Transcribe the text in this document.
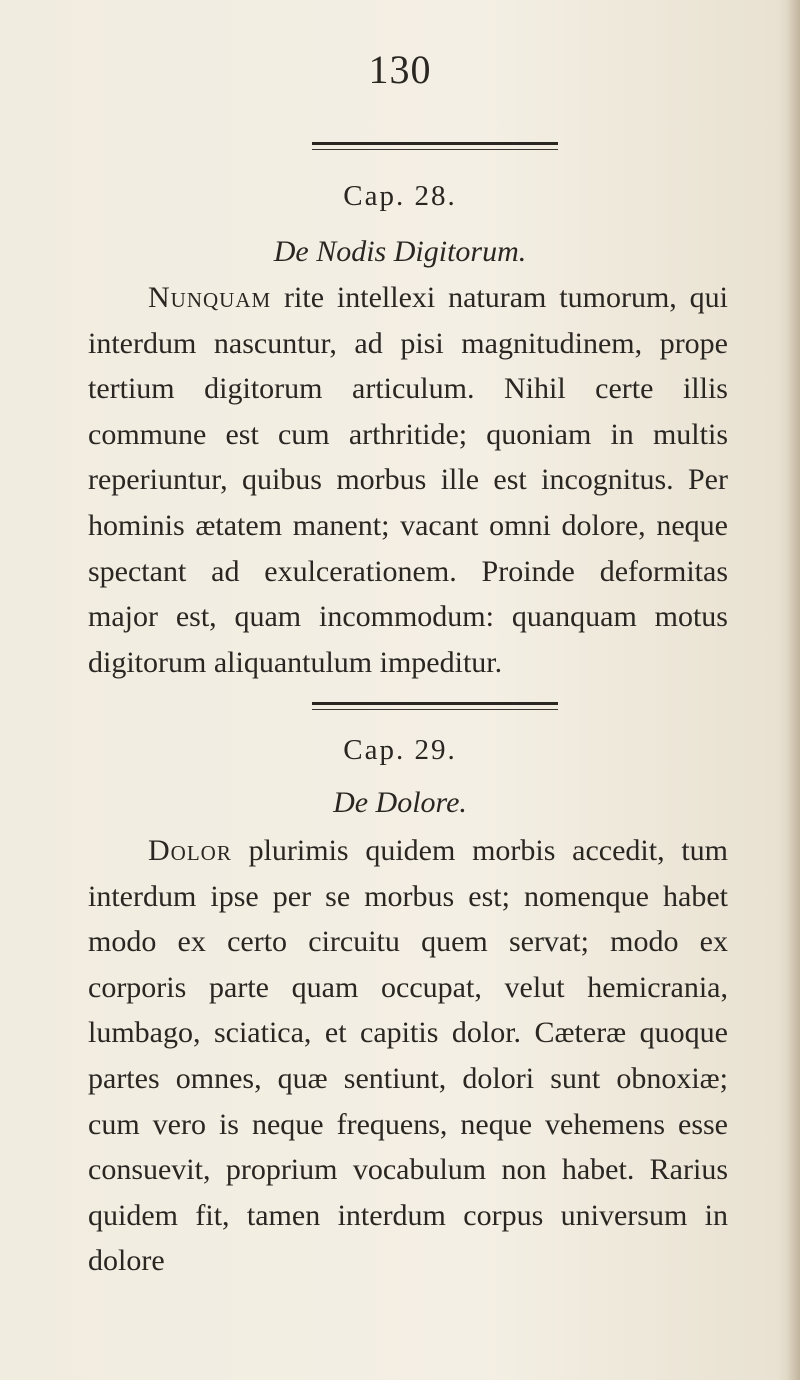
130
Cap. 28.
De Nodis Digitorum.
Nunquam rite intellexi naturam tumorum, qui interdum nascuntur, ad pisi magnitudinem, prope tertium digitorum articulum. Nihil certe illis commune est cum arthritide; quoniam in multis reperiuntur, quibus morbus ille est incognitus. Per hominis ætatem manent; vacant omni dolore, neque spectant ad exulcerationem. Proinde deformitas major est, quam incommodum: quanquam motus digitorum aliquantulum impeditur.
Cap. 29.
De Dolore.
Dolor plurimis quidem morbis accedit, tum interdum ipse per se morbus est; nomenque habet modo ex certo circuitu quem servat; modo ex corporis parte quam occupat, velut hemicrania, lumbago, sciatica, et capitis dolor. Cæteræ quoque partes omnes, quæ sentiunt, dolori sunt obnoxiæ; cum vero is neque frequens, neque vehemens esse consuevit, proprium vocabulum non habet. Rarius quidem fit, tamen interdum corpus universum in dolore
